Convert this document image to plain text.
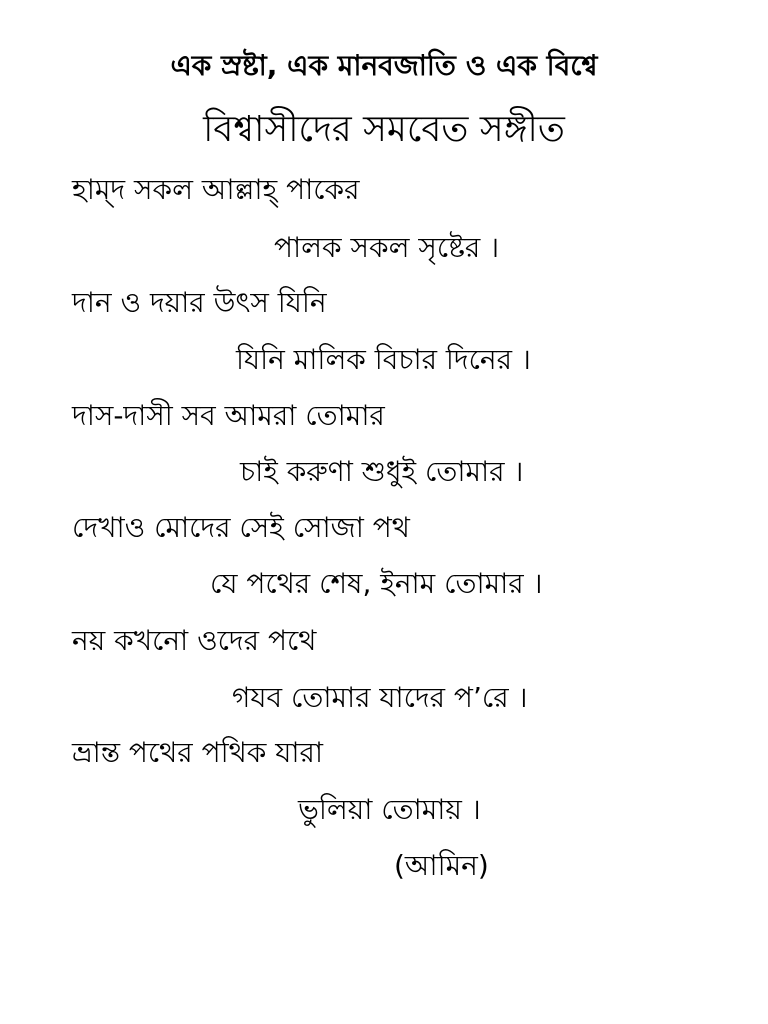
এক স্রষ্টা, এক মানবজাতি ও এক বিশ্বে
বিশ্বাসীদের সমবেত সঙ্গীত
হাম্‌দ সকল আল্লাহ্‌ পাকের
পালক সকল সৃষ্টের ।
দান ও দয়ার উৎস যিনি
যিনি মালিক বিচার দিনের ।
দাস-দাসী সব আমরা তোমার
চাই করুণা শুধুই তোমার ।
দেখাও মোদের সেই সোজা পথ
যে পথের শেষ, ইনাম তোমার ।
নয় কখনো ওদের পথে
গযব তোমার যাদের প’রে ।
ভ্রান্ত পথের পথিক যারা
ভুলিয়া তোমায় ।
(আমিন)
